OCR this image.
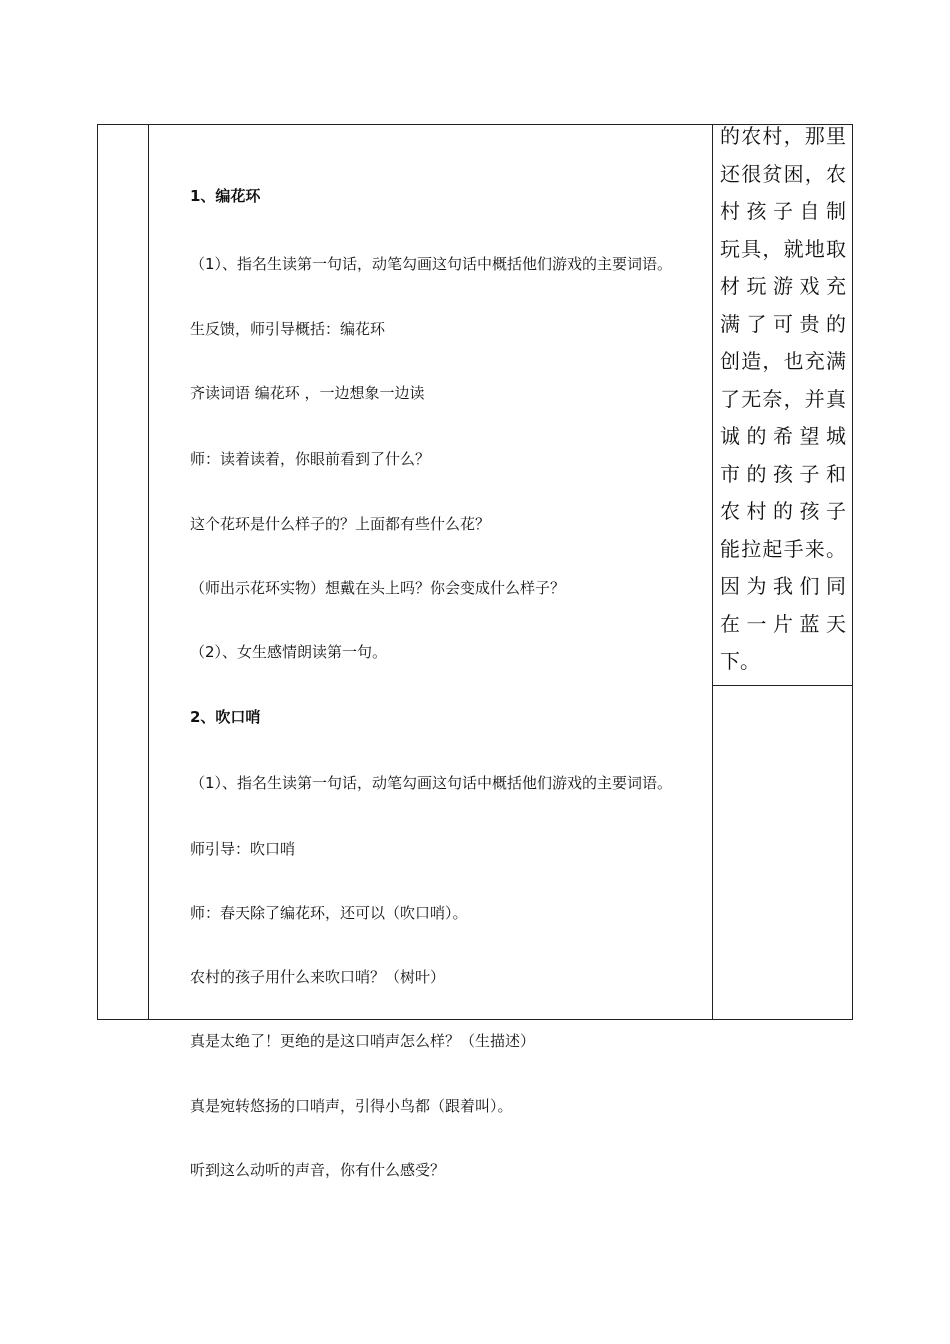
1、编花环
（1）、指名生读第一句话，动笔勾画这句话中概括他们游戏的主要词语。
生反馈，师引导概括：编花环
齐读词语 编花环 ，一边想象一边读
师：读着读着，你眼前看到了什么？
这个花环是什么样子的？上面都有些什么花？
（师出示花环实物）想戴在头上吗？你会变成什么样子？
（2）、女生感情朗读第一句。
2、吹口哨
（1）、指名生读第一句话，动笔勾画这句话中概括他们游戏的主要词语。
师引导：吹口哨
师：春天除了编花环，还可以（吹口哨）。
农村的孩子用什么来吹口哨？（树叶）
真是太绝了！更绝的是这口哨声怎么样？（生描述）
真是宛转悠扬的口哨声，引得小鸟都（跟着叫）。
听到这么动听的声音，你有什么感受？
的 农 村 ， 那 里
还 很 贫 困 ， 农
村 孩 子 自 制
玩 具 ， 就 地 取
材 玩 游 戏 充
满 了 可 贵 的
创 造 ， 也 充 满
了 无 奈 ， 并 真
诚 的 希 望 城
市 的 孩 子 和
农 村 的 孩 子
能 拉 起 手 来 。
因 为 我 们 同
在 一 片 蓝 天
下。
